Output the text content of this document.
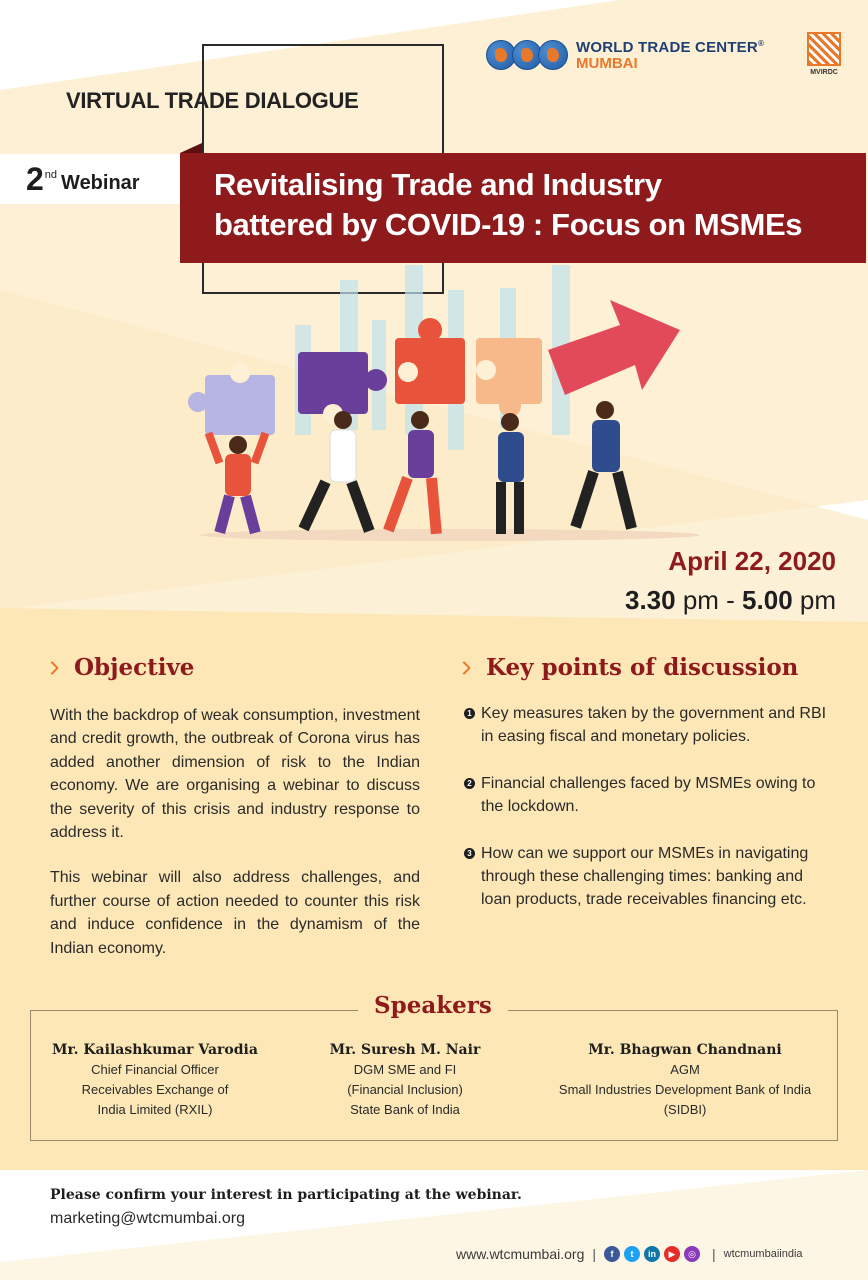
WORLD TRADE CENTER®
MUMBAI
MVIRDC
VIRTUAL TRADE DIALOGUE
2nd Webinar Revitalising Trade and Industry
battered by COVID-19 : Focus on MSMEs
April 22, 2020
3.30 pm - 5.00 pm
Objective

With the backdrop of weak consumption, investment and credit growth, the outbreak of Corona virus has added another dimension of risk to the Indian economy. We are organising a webinar to discuss the severity of this crisis and industry response to address it.

This webinar will also address challenges, and further course of action needed to counter this risk and induce confidence in the dynamism of the Indian economy.

Key points of discussion
1 Key measures taken by the government and RBI in easing fiscal and monetary policies.
2 Financial challenges faced by MSMEs owing to the lockdown.
3 How can we support our MSMEs in navigating through these challenging times: banking and loan products, trade receivables financing etc.
Speakers
Mr. Kailashkumar Varodia
Chief Financial Officer
Receivables Exchange of
India Limited (RXIL)
Mr. Suresh M. Nair
DGM SME and FI
(Financial Inclusion)
State Bank of India
Mr. Bhagwan Chandnani
AGM
Small Industries Development Bank of India
(SIDBI)
Please confirm your interest in participating at the webinar.
marketing@wtcmumbai.org
www.wtcmumbai.org |	f	t	in	▶	◎ | wtcmumbaiindia
